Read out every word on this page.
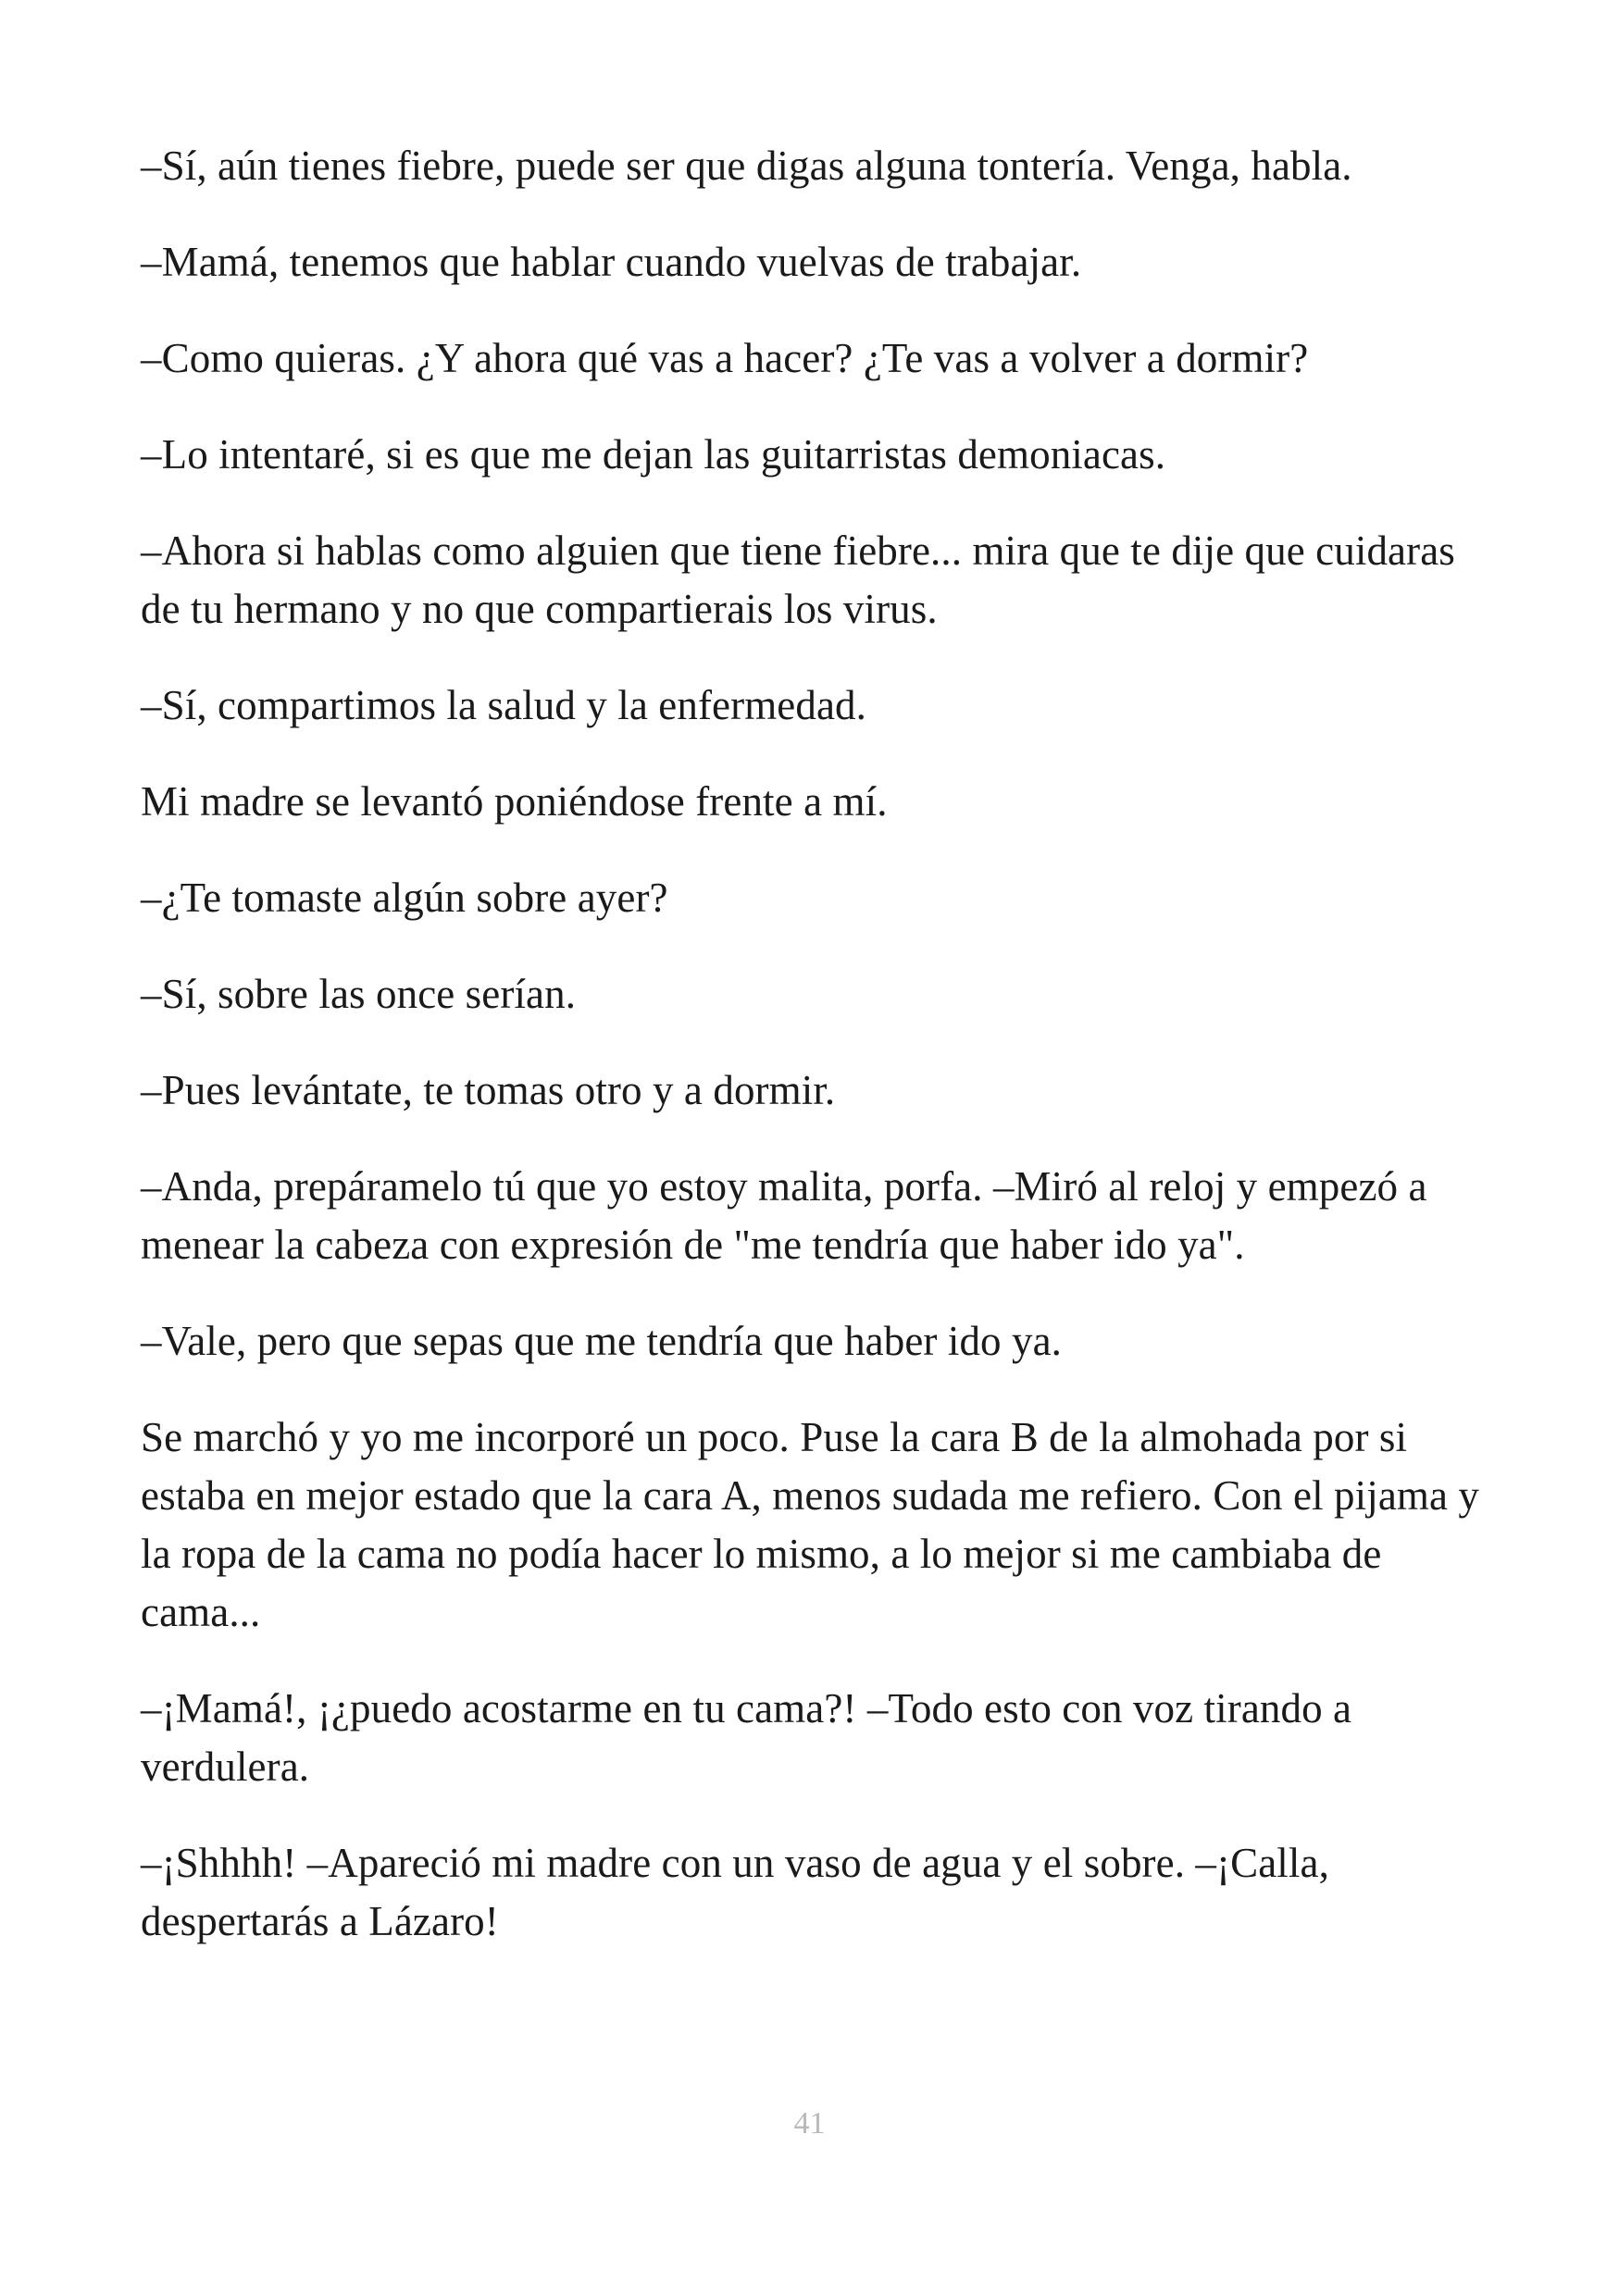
–Sí, aún tienes fiebre, puede ser que digas alguna tontería. Venga, habla.

–Mamá, tenemos que hablar cuando vuelvas de trabajar.

–Como quieras. ¿Y ahora qué vas a hacer? ¿Te vas a volver a dormir?

–Lo intentaré, si es que me dejan las guitarristas demoniacas.

–Ahora si hablas como alguien que tiene fiebre... mira que te dije que cuidaras de tu hermano y no que compartierais los virus.

–Sí, compartimos la salud y la enfermedad.

Mi madre se levantó poniéndose frente a mí.

–¿Te tomaste algún sobre ayer?

–Sí, sobre las once serían.

–Pues levántate, te tomas otro y a dormir.

–Anda, prepáramelo tú que yo estoy malita, porfa. –Miró al reloj y empezó a menear la cabeza con expresión de "me tendría que haber ido ya".

–Vale, pero que sepas que me tendría que haber ido ya.

Se marchó y yo me incorporé un poco. Puse la cara B de la almohada por si estaba en mejor estado que la cara A, menos sudada me refiero. Con el pijama y la ropa de la cama no podía hacer lo mismo, a lo mejor si me cambiaba de cama...

–¡Mamá!, ¡¿puedo acostarme en tu cama?! –Todo esto con voz tirando a verdulera.

–¡Shhhh! –Apareció mi madre con un vaso de agua y el sobre. –¡Calla, despertarás a Lázaro!

41
